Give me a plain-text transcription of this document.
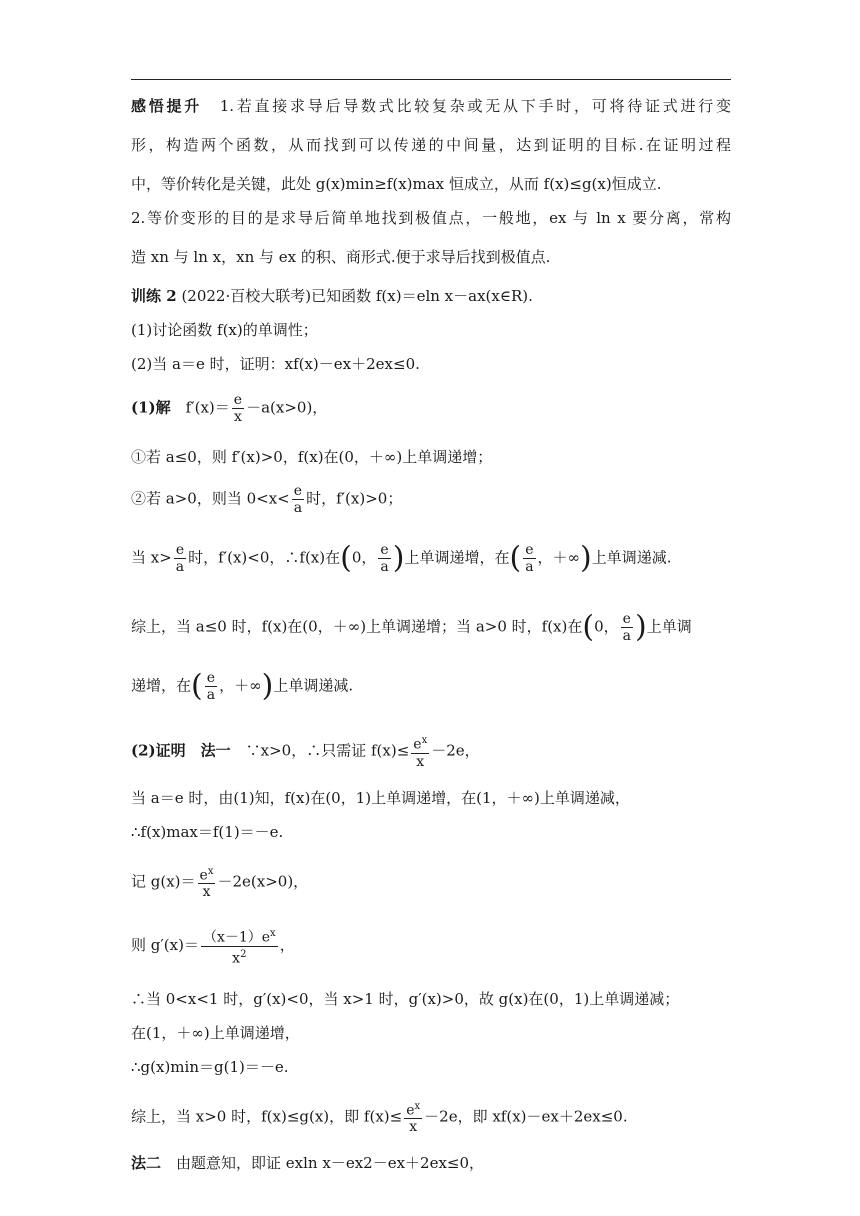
感悟提升　 1.若直接求导后导数式比较复杂或无从下手时，可将待证式进行变
形，构造两个函数，从而找到可以传递的中间量，达到证明的目标.在证明过程
中，等价转化是关键，此处 g(x)min≥f(x)max 恒成立，从而 f(x)≤g(x)恒成立.
2.等价变形的目的是求导后简单地找到极值点，一般地，ex 与 ln x 要分离，常构
造 xn 与 ln x，xn 与 ex 的积、商形式.便于求导后找到极值点.
训练 2 (2022·百校大联考)已知函数 f(x)＝eln x－ax(x∈R).
(1)讨论函数 f(x)的单调性；
(2)当 a＝e 时，证明：xf(x)－ex＋2ex≤0.
(1)解　 $f'(x)= \frac{e}{x} -a(x>0)$，
①若 a≤0，则 f′(x)>0，f(x)在(0，＋∞)上单调递增；
②若 a>0，则当 $0<x< \frac{e}{a}$ 时，f′(x)>0；
当 $x> \frac{e}{a}$ 时，f′(x)<0，∴f(x)在(0， $\frac{e}{a}$ )上单调递增，在( $\frac{e}{a}$ ，＋∞)上单调递减.
综上，当 a≤0 时，f(x)在(0，＋∞)上单调递增；当 a>0 时，f(x)在(0， $\frac{e}{a}$ )上单调
递增，在( $\frac{e}{a}$ ，＋∞)上单调递减.
(2)证明　法一　 ∵x>0，∴只需证 $f(x)\le \frac{e^x}{x} -2e$，
当 a＝e 时，由(1)知，f(x)在(0，1)上单调递增，在(1，＋∞)上单调递减，
∴f(x)max＝f(1)＝－e.
记 $g(x)= \frac{e^x}{x} -2e(x>0)$，
则 $g'(x)= \frac{(x-1)e^x}{x^2}$ ，
∴当 0<x<1 时，g′(x)<0，当 x>1 时，g′(x)>0，故 g(x)在(0，1)上单调递减；
在(1，＋∞)上单调递增，
∴g(x)min＝g(1)＝－e.
综上，当 x>0 时，f(x)≤g(x)，即 $f(x)\le \frac{e^x}{x} -2e$，即 xf(x)－ex＋2ex≤0.
法二　 由题意知，即证 exln x－ex2－ex＋2ex≤0，
